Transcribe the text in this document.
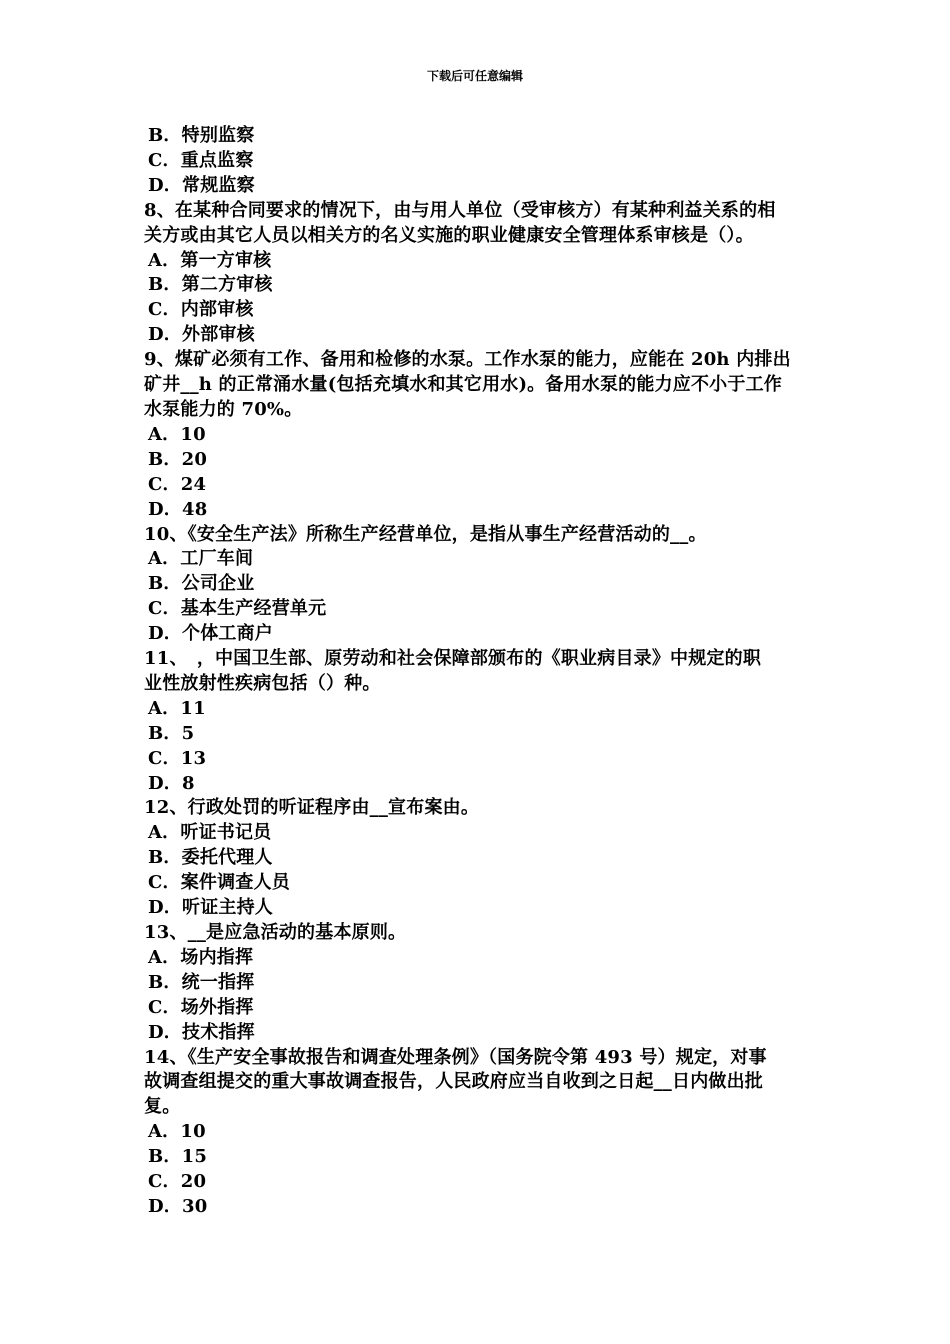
下载后可任意编辑
B．特别监察
C．重点监察
D．常规监察
8、在某种合同要求的情况下，由与用人单位（受审核方）有某种利益关系的相
关方或由其它人员以相关方的名义实施的职业健康安全管理体系审核是（）。
A．第一方审核
B．第二方审核
C．内部审核
D．外部审核
9、煤矿必须有工作、备用和检修的水泵。工作水泵的能力，应能在 20h 内排出
矿井__h 的正常涌水量(包括充填水和其它用水)。备用水泵的能力应不小于工作
水泵能力的 70%。
A．10
B．20
C．24
D．48
10、《安全生产法》所称生产经营单位，是指从事生产经营活动的__。
A．工厂车间
B．公司企业
C．基本生产经营单元
D．个体工商户
11、　，中国卫生部、原劳动和社会保障部颁布的《职业病目录》中规定的职
业性放射性疾病包括（）种。
A．11
B．5
C．13
D．8
12、行政处罚的听证程序由__宣布案由。
A．听证书记员
B．委托代理人
C．案件调查人员
D．听证主持人
13、__是应急活动的基本原则。
A．场内指挥
B．统一指挥
C．场外指挥
D．技术指挥
14、《生产安全事故报告和调查处理条例》（国务院令第 493 号）规定，对事
故调查组提交的重大事故调查报告，人民政府应当自收到之日起__日内做出批
复。
A．10
B．15
C．20
D．30
